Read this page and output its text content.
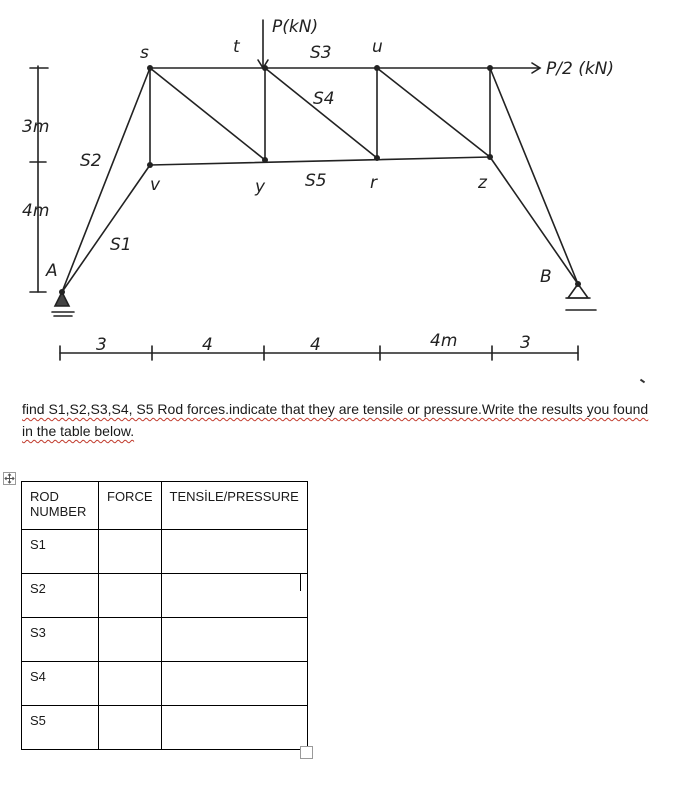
P(kN)
P/2 (kN)
s	t	u
v	y	r	z
A	B
S3
S4
S5
S2
S1
3m
4m
3	4	4	4m	3
find S1,S2,S3,S4, S5 Rod forces.indicate that they are tensile or pressure.Write the results you found
in the table below.
ROD NUMBER	FORCE	TENSİLE/PRESSURE
S1		
S2		
S3		
S4		
S5		
